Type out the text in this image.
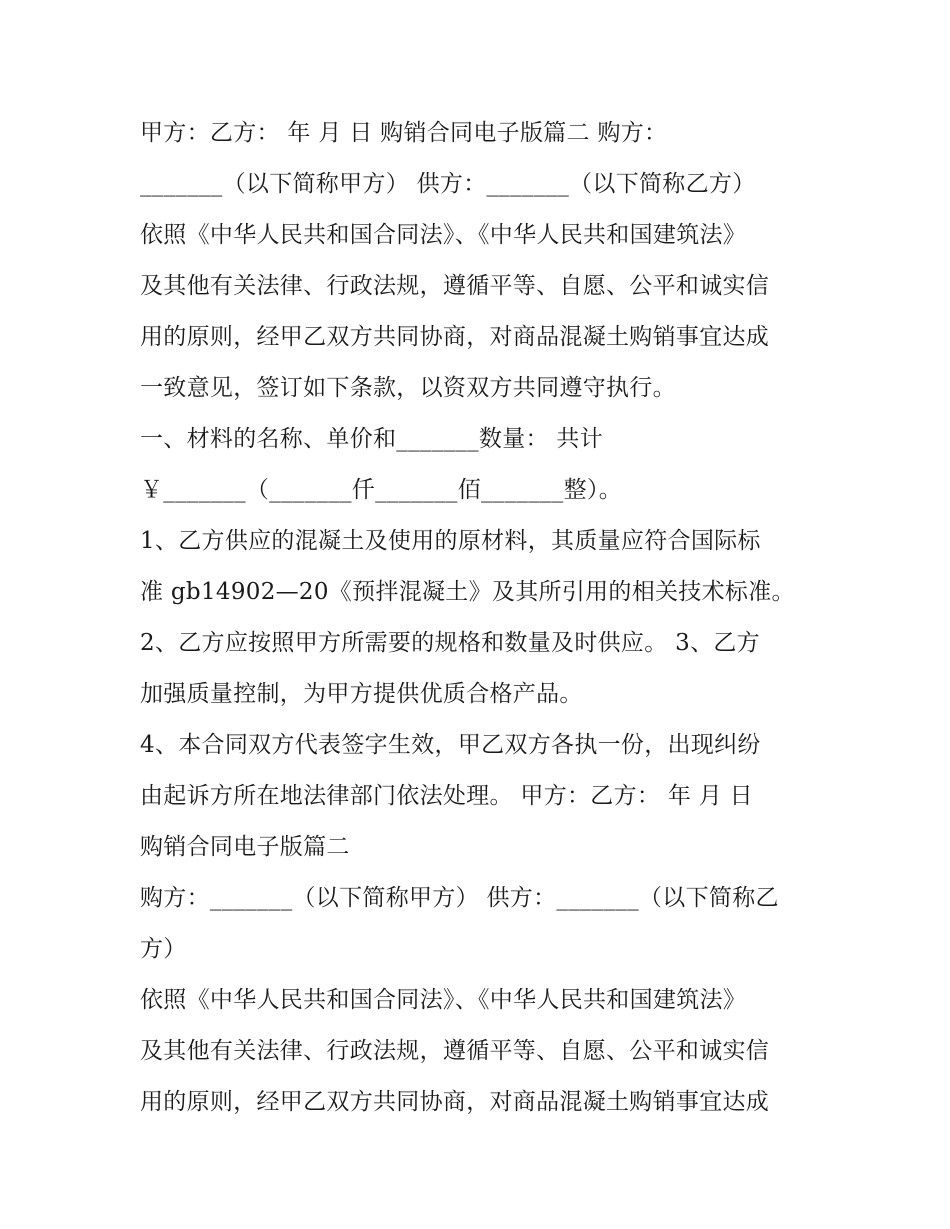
甲方：乙方： 年 月 日 购销合同电子版篇二 购方：
_______（以下简称甲方） 供方：_______（以下简称乙方）
依照《中华人民共和国合同法》、《中华人民共和国建筑法》
及其他有关法律、行政法规，遵循平等、自愿、公平和诚实信
用的原则，经甲乙双方共同协商，对商品混凝土购销事宜达成
一致意见，签订如下条款，以资双方共同遵守执行。
一、材料的名称、单价和_______数量： 共计
￥_______（_______仟_______佰_______整）。
1、乙方供应的混凝土及使用的原材料，其质量应符合国际标
准 gb14902—20《预拌混凝土》及其所引用的相关技术标准。
2、乙方应按照甲方所需要的规格和数量及时供应。 3、乙方
加强质量控制，为甲方提供优质合格产品。
4、本合同双方代表签字生效，甲乙双方各执一份，出现纠纷
由起诉方所在地法律部门依法处理。 甲方：乙方： 年 月 日
购销合同电子版篇二
购方：_______（以下简称甲方） 供方：_______（以下简称乙
方）
依照《中华人民共和国合同法》、《中华人民共和国建筑法》
及其他有关法律、行政法规，遵循平等、自愿、公平和诚实信
用的原则，经甲乙双方共同协商，对商品混凝土购销事宜达成
